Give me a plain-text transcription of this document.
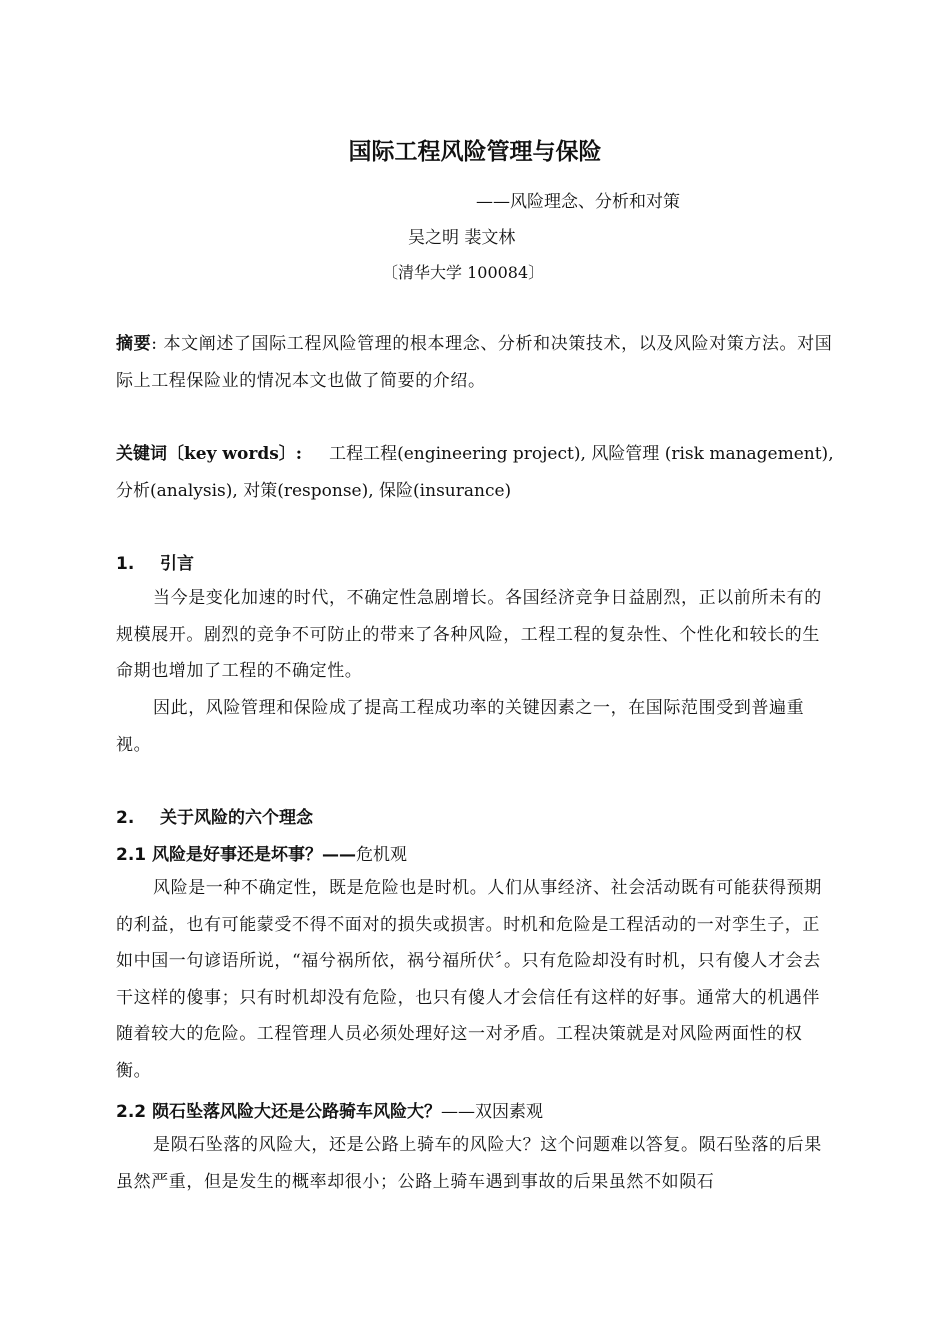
国际工程风险管理与保险
——风险理念、分析和对策
吴之明 裴文林
〔清华大学 100084〕

摘要: 本文阐述了国际工程风险管理的根本理念、分析和决策技术，以及风险对策方法。对国际上工程保险业的情况本文也做了简要的介绍。

关键词〔key words〕: 工程工程(engineering project), 风险管理 (risk management), 分析(analysis), 对策(response), 保险(insurance)

1. 引言

当今是变化加速的时代，不确定性急剧增长。各国经济竞争日益剧烈，正以前所未有的规模展开。剧烈的竞争不可防止的带来了各种风险，工程工程的复杂性、个性化和较长的生命期也增加了工程的不确定性。

因此，风险管理和保险成了提高工程成功率的关键因素之一，在国际范围受到普遍重视。

2. 关于风险的六个理念
2.1 风险是好事还是坏事？——危机观

风险是一种不确定性，既是危险也是时机。人们从事经济、社会活动既有可能获得预期的利益，也有可能蒙受不得不面对的损失或损害。时机和危险是工程活动的一对孪生子，正如中国一句谚语所说，“福兮祸所依，祸兮福所伏〞。只有危险却没有时机，只有傻人才会去干这样的傻事；只有时机却没有危险，也只有傻人才会信任有这样的好事。通常大的机遇伴随着较大的危险。工程管理人员必须处理好这一对矛盾。工程决策就是对风险两面性的权衡。

2.2 陨石坠落风险大还是公路骑车风险大？——双因素观

是陨石坠落的风险大，还是公路上骑车的风险大？这个问题难以答复。陨石坠落的后果虽然严重，但是发生的概率却很小；公路上骑车遇到事故的后果虽然不如陨石
